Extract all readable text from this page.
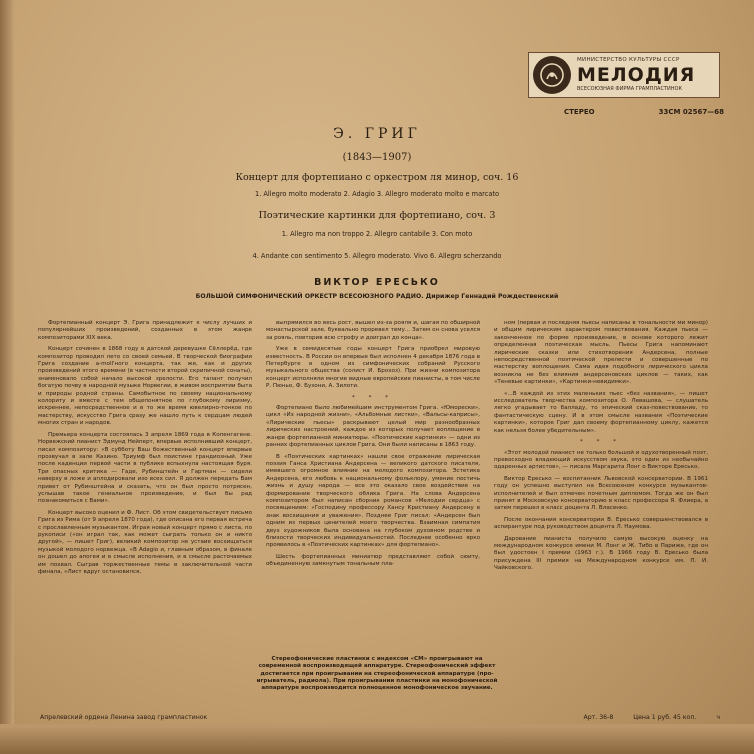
МИНИСТЕРСТВО КУЛЬТУРЫ СССР
МЕЛОДИЯ
ВСЕСОЮЗНАЯ ФИРМА ГРАМПЛАСТИНОК
СТЕРЕО	33СМ 02567—68
Э. ГРИГ
(1843—1907)
Концерт для фортепиано с оркестром ля минор, соч. 16
1. Allegro molto moderato 2. Adagio 3. Allegro moderato molto e marcato
Поэтические картинки для фортепиано, соч. 3
1. Allegro ma non troppo 2. Allegro cantabile 3. Con moto
4. Andante con sentimento 5. Allegro moderato. Vivo 6. Allegro scherzando
ВИКТОР ЕРЕСЬКО
БОЛЬШОЙ СИМФОНИЧЕСКИЙ ОРКЕСТР ВСЕСОЮЗНОГО РАДИО. Дирижер Геннадий Рождественский

Фортепианный концерт Э. Грига принадлежит к числу лучших и популярнейших произведений, созданных в этом жанре композиторами XIX века.

Концерт сочинен в 1868 году в датской деревушке Сёллерёд, где композитор проводил лето со своей семьей. В творческой биографии Грига создание а-moll'ного концерта, так же, как и других произведений этого времени (в частности второй скрипичной сонаты), знаменовало собой начало высокой зрелости. Его талант получил богатую почву в народной музыке Норвегии, в живом восприятии быта и природы родной страны. Самобытное по своему национальному колориту и вместе с тем общепонятное по глубокому лиризму, искреннее, непосредственное и в то же время ювелирно-тонкое по мастерству, искусство Грига сразу же нашло путь к сердцам людей многих стран и народов.

Премьера концерта состоялась 3 апреля 1869 года в Копенгагене. Норвежский пианист Эдмунд Нейперт, впервые исполнивший концерт, писал композитору: «В субботу Ваш божественный концерт впервые прозвучал в зале Казино. Триумф был поистине грандиозный. Уже после каденции первой части в публике вспыхнула настоящая буря. Три опасных критика — Гаде, Рубинштейн и Гартман — сидели наверху в ложе и аплодировали изо всех сил. Я должен передать Вам привет от Рубинштейна и сказать, что он был просто потрясен, услышав такое гениальное произведение, и был бы рад познакомиться с Вами».

Концерт высоко оценил и Ф. Лист. Об этом свидетельствует письмо Грига из Рима (от 9 апреля 1870 года), где описана его первая встреча с прославленным музыкантом. Играя новый концерт прямо с листа, по рукописи («он играл так, как может сыграть только он и никто другой», — пишет Григ), великий композитор не устаие восхищаться музыкой молодого норвежца. «В Adagio и, главным образом, в финале он дошел до апогея и в смысле исполнения, и в смысле расточаемых им похвал. Сыграв торжественные темы в заключительной части финала, «Лист вдруг остановился,

выпрямился во весь рост, вышел из-за рояля и, шагая по обширной монастырской зале, буквально проревел тему... Затем он снова уселся за рояль, повторив всю строфу и доиграл до конца».

Уже в семидесятые годы концерт Грига приобрел мировую известность. В России он впервые был исполнен 4 декабря 1876 года в Петербурге в одном из симфонических собраний Русского музыкального общества (солист И. Брохоз). При жизни композитора концерт исполняли многие видные европейские пианисты, в том числе Р. Пюньо, Ф. Бузони, А. Зилоти.

* * *

Фортепиано было любимейшим инструментом Грига. «Юморески», цикл «Из народной жизни», «Альбомные листки», «Вальсы-каприсы», «Лирические пьесы» раскрывают целый мир разнообразных лирических настроений, каждое из которых получает воплощение в жанре фортепианной миниатюры. «Поэтические картинки» — одни из ранних фортепианных циклов Грига. Они были написаны в 1863 году.

В «Поэтических картинках» нашли свое отражение лирическая поэзия Ганса Христиана Андерсена — великого датского писателя, имевшего огромное влияние на молодого композитора. Эстетика Андерсена, его любовь к национальному фольклору, умение постичь жизнь и душу народа — все это оказало свое воздействие на формирование творческого облика Грига. На слова Андерсена композитором был написан сборник романсов «Мелодии сердца» с посвящением: «Господину профессору Хансу Кристиану Андерсену в знак восхищения и уважения». Позднее Григ писал: «Андерсен был одним из первых ценителей моего творчества. Взаимная симпатия двух художников была основана на глубоком духовном родстве и близости творческих индивидуальностей. Последнее особенно ярко проявилось в «Поэтических картинках» для фортепиано».

Шесть фортепианных миниатюр представляют собой сюиту, объединенную замкнутым тональным пла-

ном (первая и последняя пьесы написаны в тональности ми минор) и общим лирическим характером повествования. Каждая пьеса — законченное по форме произведение, в основе которого лежит определенная поэтическая мысль. Пьесы Грига напоминают лирические сказки или стихотворения Андерсена, полные непосредственной поэтической прелести и совершенные по мастерству воплощения. Сама идея подобного лирического цикла возникла не без влияния андерсеновских циклов — таких, как «Теневые картинки», «Картинки-невидимки».

«...В каждой из этих маленьких пьес «без названия», — пишет исследователь творчества композитора О. Левашова, — слушатель легко угадывает то балладу, то эпический сказ-повествование, то фантастическую сцену. И в этом смысле названия «Поэтические картинки», которое Григ дал своему фортепианному циклу, кажется как нельзя более убедительным».

* * *

«Этот молодой пианист не только большой и одухотворенный поэт, превосходно владеющий искусством звука, это один из необычайно одаренных артистов», — писала Маргарита Лонг о Викторе Ересько.

Виктор Ересько — воспитанник Львовской консерватории. В 1961 году он успешно выступил на Всесоюзном конкурсе музыкантов-исполнителей и был отмечен почетным дипломом. Тогда же он был принят в Московскую консерваторию в класс профессора Я. Флиера, а затем перешел в класс доцента Л. Власенко.

После окончания консерватории В. Ересько совершенствовался в аспирантуре под руководством доцента Л. Наумова.

Дарование пианиста получило самую высокую оценку на международном конкурсе имени М. Лонг и Ж. Тибо в Париже, где он был удостоен I премии (1963 г.). В 1966 году В. Ересько была присуждена III премия на Международном конкурсе им. П. И. Чайковского.

Стереофонические пластинки с индексом «СМ» проигрывают на
современной воспроизводящей аппаратуре. Стереофонический эффект
достигается при проигрывании на стереофонической аппаратуре (про-
игрыватель, радиола). При проигрывании пластинки на монофонической
аппаратуре воспроизводится полноценное монофоническое звучание.
Апрелевский ордена Ленина завод грампластинок	Арт. 36-8	Цена 1 руб. 45 коп.	ч
